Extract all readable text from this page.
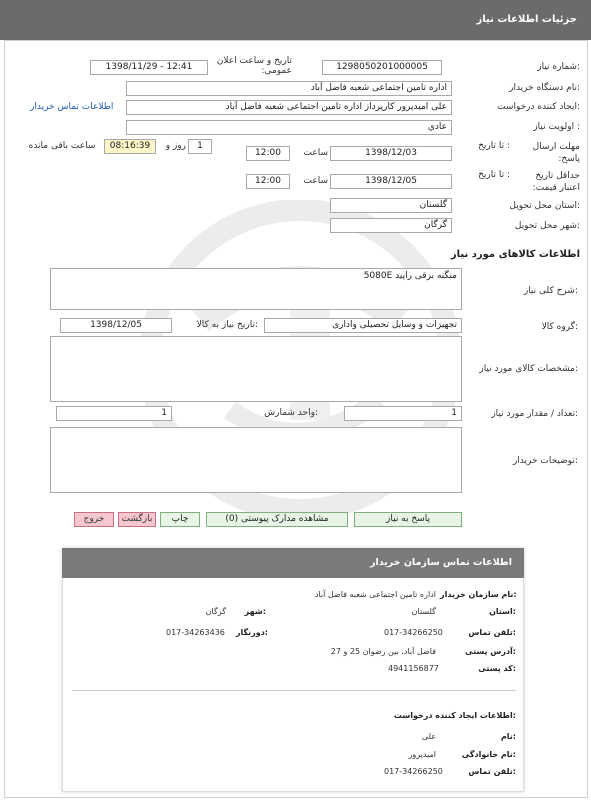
جزئیات اطلاعات نیاز
شماره نیاز:
1298050201000005
تاریخ و ساعت اعلان عمومی:
1398/11/29 - 12:41
نام دستگاه خریدار:
اداره تامین اجتماعی شعبه فاضل آباد
ایجاد کننده درخواست:
علی امیدپرور کارپرداز اداره تامین اجتماعی شعبه فاضل آباد
اطلاعات تماس خریدار
اولویت نیاز :
عادي
مهلت ارسال پاسخ:
تا تاریخ :
1398/12/03
ساعت
12:00
1
روز و
08:16:39
ساعت باقی مانده
حداقل تاریخ اعتبار قیمت:
تا تاریخ :
1398/12/05
ساعت
12:00
استان محل تحویل:
گلستان
شهر محل تحویل:
گرگان
اطلاعات کالاهای مورد نیاز
شرح کلی نیاز:
منگنه برقی راپید 5080E
گروه کالا:
تجهیزات و وسایل تحصیلی واداری
تاریخ نیاز به کالا:
1398/12/05
مشخصات کالای مورد نیاز:
تعداد / مقدار مورد نیاز:
1
واحد شمارش:
1
توضیحات خریدار:
پاسخ به نیاز
مشاهده مدارک پیوستی (0)
چاپ
بازگشت
خروج
اطلاعات تماس سازمان خریدار
نام سازمان خریدار:
اداره تامین اجتماعی شعبه فاضل آباد
استان:
گلستان
شهر:
گرگان
تلفن تماس:
017-34266250
دورنگار:
017-34263436
آدرس پستی:
فاضل آباد، بین رضوان 25 و 27
کد پستی:
4941156877
اطلاعات ایجاد کننده درخواست:
نام:
علی
نام خانوادگی:
امیدپرور
تلفن تماس:
017-34266250
